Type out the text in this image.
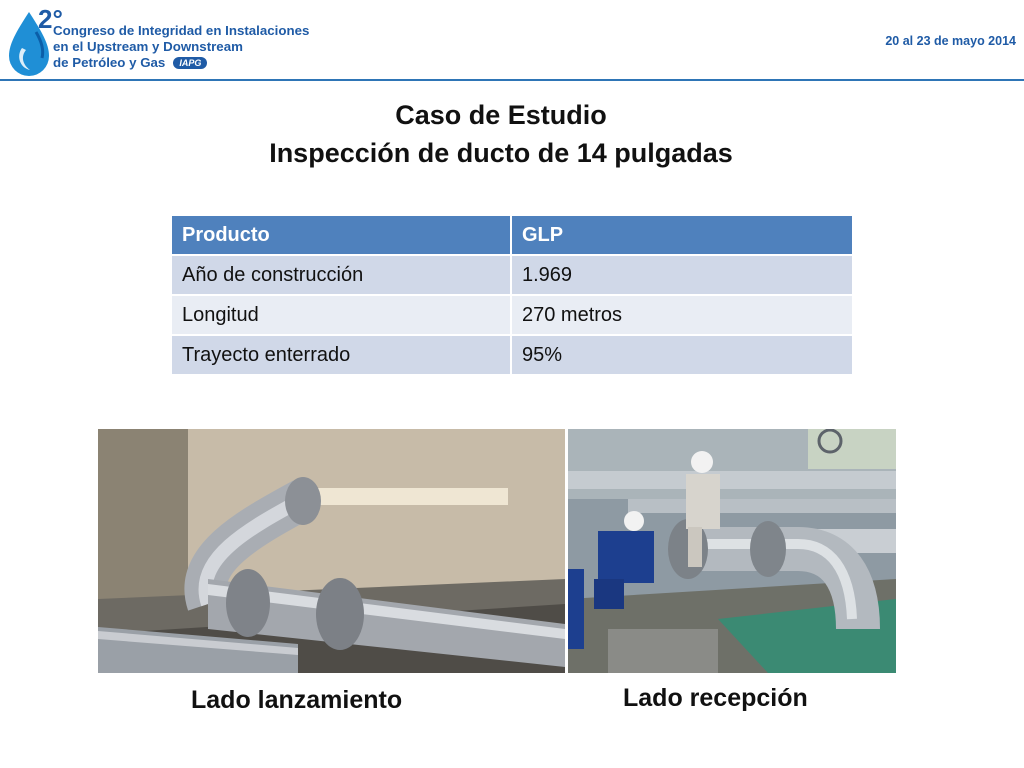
2°
Congreso de Integridad en Instalaciones
en el Upstream y Downstream
de Petróleo y Gas IAPG
20 al 23 de mayo 2014
Caso de Estudio
Inspección de ducto de 14 pulgadas
Producto	GLP
Año de construcción	1.969
Longitud	270 metros
Trayecto enterrado	95%
Lado lanzamiento	Lado recepción
